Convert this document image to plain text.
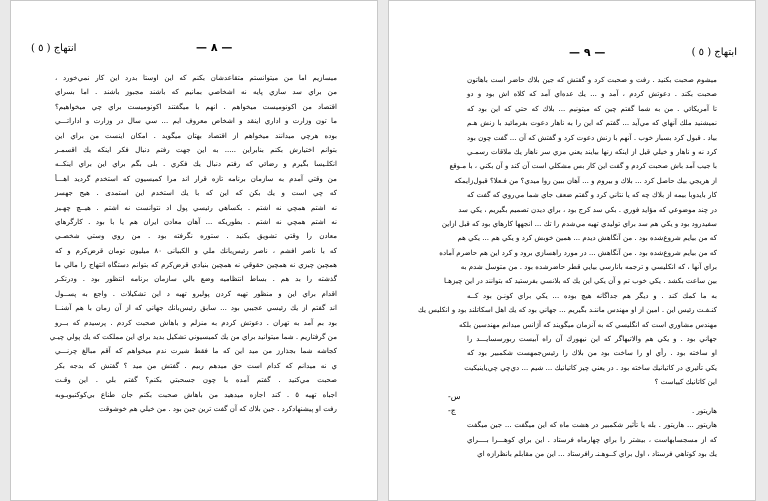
انتهاج ( ٥ )	— ٨ —
ميسازيم اما من ميتوانستم متقاعدشان بكنم كه اين اوستا بدرد اين كار نمي‌خورد ،
من براي سد سازي پايه نه اشخاصي بمانيم كه باشند مجبوز باشند . اما بسراي
اقتصاد من اكونوميست ميخواهم . انهم با ميگفتند اكونوميست براي چي ميخواهيم؟
ما تون وزارت و اداري اينقد و اشخاص معروف ايم ... سي سال در وزارت و اداراتـــي
بوده هرچي ميدانند ميخواهم از اقتصاد بهتان ميگويد . امكان اينست من براي اين
بتوانم اختيارش بكنم بنابراين ..... به اين جهت رفتم دنبال فكر اينكه يك اقسمـر
انكلـيسا بگيرم و رضائي كه رفتم دنبال يك فكري . بلى بگم براي اين براي اينكــه
من وقتي آمدم به سازمان برنامه تازه قرار اند مرا كميسيون كه استخدم گرديد اهـــأ
كه چي است و يك بكن كه اين كه با يك استخدم اين استمدى . هيج جهسز
نه اشتم همچي نه اشتم . بكساهي رئيسي پول اد نتوانست نه اشتم . هيــچ چهـيز
نه اشتم همچي نه اشتم . بطوريكه ... آهان معادن ايران هم يا با بود . كارگرهاي
معادن را وقتي تشويق بكنيد . ستوره نگرفته بود . من روي وستي شخصـي
كه با ناصر افشم ، ناصر رئيس‌بانك ملي و الكبيانى ٨٠ ميليون تومان قرض‌كرم و كه
همچين چيزي نه همچين حقوقي نه همچين بنيادي قرض‌كرم كه بتوانم دستگاه انتهاج را مالي ما
گذشته را بد هم . بساط انتظاميه وضع بالي سازمان برنامه انتظور بود . ودرتكـر
اقدام براي اين و منظور تهيه كردن پوليرو تهيه د اين تشكيلات . واجع به پســول
اند گفتم از يك رئيسي عجيبي بود ... سابق رئيس‌بانك جهاني كه از آن زمان با هم آشنــا
بود بم آمد به تهران . دعوتش كردم به منزلم و باهاش صحبت كردم . پرسيدم كه بــرو
من گرفتاريم . شما ميتوانيد براي من يك كميسيوني تشكيل بديد براي اين مملكت كه يك پولي چيـي
كجاشه شما بجذارز من ميد اين كه ما فقط شيرت ندم ميخواهم كه آقم مبالغ چرنـــي
ي نه ميدانم كه كدام است حق ميدهم ربيم . گفتش من ميد ؟ گفتش كه بدجه بكر
صحبت مي‌كنيد . گفتم آمده با چون جسحبتي بكنم؟ گفتم بلي . اين وقـت
اجباه تهيه ٥ . كند اجازه ميدهيد من باهاش صحبت بكنم جان طناع بي‌كوكنبوبـوبه
رفت او پيشنهادكرد . جين بلاك كه آن گفت ترين جين بود . من خيلي هم خوشوقت
ابتهاج ( ٥ )
— ٩ —
ميشوم صحبت بكنيد . رفت و صحبت كرد و گفتش كه جين بلاك حاضر است باهاتون
صحبت بكند . دعوتش كردم ، آمد و ... يك عده‌اي آمد كه كلاه اش بود و دو
تا آمريكائي . من به شما گفتم چين كه ميتونيم ... بلاك كه حتي كه اين بود كه
نميشنيد ملك آنهاي كه مي‌آيد ... گفتم كه اين را به ناهار دعوت بفرمائيد با زنش هـم
بياد . قبول كرد بسيار خوب . آنهم با زنش دعوت كرد و گفتش كه آن ... گفت چون بود
كرد نه و ناهار و خيلي قيل از اينكه زنها بيايند يعني مزي سر ناهار يك ملاقات رسمـي
با جيب آمد باش صحبت كردم و گفت اين كار بس مشكلي است آن كند و آن بكني ، با مـوقع
از هريجي بيك حاصل كرد ... بلاك و بيروم و ... آهان ببين روا ميدي؟ من فـعلا؟ قبول‌زايمكه
كار بايدوبا بيمه از بلاك چه كه يا نتاني كرد و گفتم ضعف جاي شما مي‌روي كه گفت كه
در چند موضوعي كه مؤايد فوري . بكي سد كرج بود ، براي ديدن تصميم بگيريم ، يكي سد
سفيدرود بود و يكي هم سد براي توليدي تهيه مي‌شدم را تك ... انجهها كارهاي بود كه قبل ازاين
كه من بيايم شروع‌شده بود . من آنگاهش ديدم ... همين خوبش كرد و يكي هم ... يكي هم
كه من بيايم شروع‌شده بود . من آنگاهش ... در مورد راهسازي برود و كرد اين هم حاضرم آماده
براي آنها ، كه انكليسي و ترجمه بانارسي بيايي قطر حاضرشده بود . من متوسل شدم به
بين ساعت بكشد . يكي خوب تم و آن يكي اين يك كه بلانسي بفرستيد كه بتوانند در اين چيزهـا
به ما كمك كند . و ديگر هم جداگانه هيچ بوده ... يكي براي كونـن بود كــه
كنـفـت رئيس اين . امين از او مهندس ماننـد بگيريم ... جهاني بود كه يك اهل اسكاتلند بود و انكليس يك
مهندس مشاوري است كه انگليسي كه به آنزمان ميگويند كه آژانس ميدانم مهندسين بلكه
جهاني بود . و يكي هم والاتيهاگر كه اين نيهورك آن راه آبيست ربورسسايـــد را
او ساخته بود . رأي او را ساخت بود من بلاك را رئيس‌جمهست شكمبير بود كه
يكي تأئيري در كاتيانيك ساخته بود . در يعني چيز كاتيانيك ... شيم ... دي‌چي چي‌ياينيكيت
اين كاتانيك كيياست ؟
هاريتور .
هاريتور ... هاريتور . بله يا تأثير شكمبير در هشت ماه كه اين ميگفت ... جين ميگفت
كه از مسجسابهاست ، بيشتر را براي چهارماه فرستاد . اين براي كوهـــرا بــــراي
يك بود كوتاهي فرستاد ، اول براي كــوهـنـ رافرستاد ... اين من مقابلم بانظرازه اي
س-
ج-
